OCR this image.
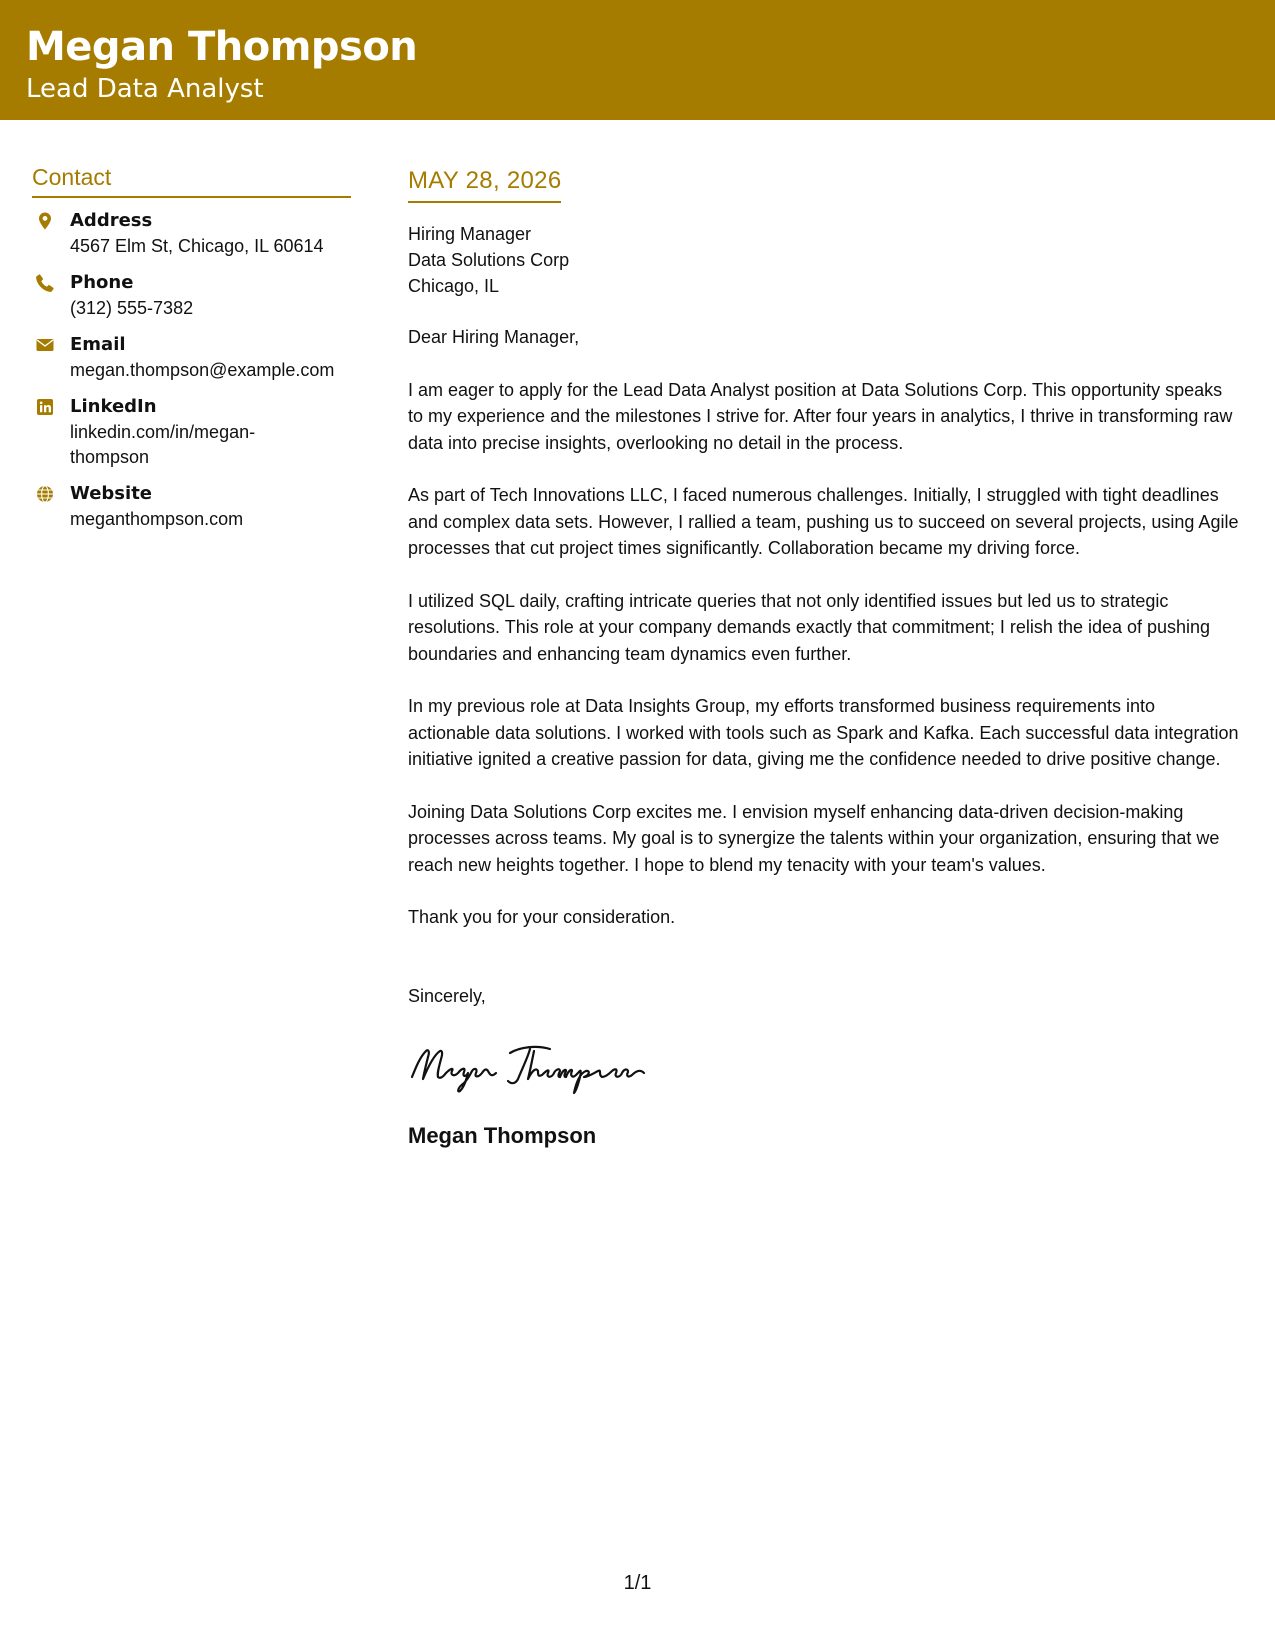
Megan Thompson
Lead Data Analyst
Contact
Address
4567 Elm St, Chicago, IL 60614
Phone
(312) 555-7382
Email
megan.thompson@example.com
LinkedIn
linkedin.com/in/megan-thompson
Website
meganthompson.com
MAY 28, 2026
Hiring Manager
Data Solutions Corp
Chicago, IL

Dear Hiring Manager,

I am eager to apply for the Lead Data Analyst position at Data Solutions Corp. This opportunity speaks to my experience and the milestones I strive for. After four years in analytics, I thrive in transforming raw data into precise insights, overlooking no detail in the process.

As part of Tech Innovations LLC, I faced numerous challenges. Initially, I struggled with tight deadlines and complex data sets. However, I rallied a team, pushing us to succeed on several projects, using Agile processes that cut project times significantly. Collaboration became my driving force.

I utilized SQL daily, crafting intricate queries that not only identified issues but led us to strategic resolutions. This role at your company demands exactly that commitment; I relish the idea of pushing boundaries and enhancing team dynamics even further.

In my previous role at Data Insights Group, my efforts transformed business requirements into actionable data solutions. I worked with tools such as Spark and Kafka. Each successful data integration initiative ignited a creative passion for data, giving me the confidence needed to drive positive change.

Joining Data Solutions Corp excites me. I envision myself enhancing data-driven decision-making processes across teams. My goal is to synergize the talents within your organization, ensuring that we reach new heights together. I hope to blend my tenacity with your team's values.

Thank you for your consideration.

Sincerely,

Megan Thompson
Megan Thompson
1/1
